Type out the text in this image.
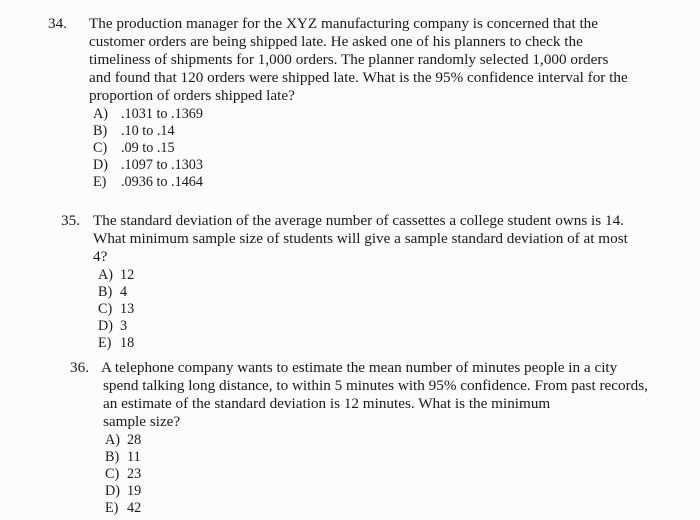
34. The production manager for the XYZ manufacturing company is concerned that the
customer orders are being shipped late. He asked one of his planners to check the
timeliness of shipments for 1,000 orders. The planner randomly selected 1,000 orders
and found that 120 orders were shipped late. What is the 95% confidence interval for the
proportion of orders shipped late?

A) .1031 to .1369
B) .10 to .14
C) .09 to .15
D) .1097 to .1303
E) .0936 to .1464
35. The standard deviation of the average number of cassettes a college student owns is 14.
What minimum sample size of students will give a sample standard deviation of at most
4?

A) 12
B) 4
C) 13
D) 3
E) 18
36. A telephone company wants to estimate the mean number of minutes people in a city
spend talking long distance, to within 5 minutes with 95% confidence. From past records,
an estimate of the standard deviation is 12 minutes. What is the minimum
sample size?

A) 28
B) 11
C) 23
D) 19
E) 42
